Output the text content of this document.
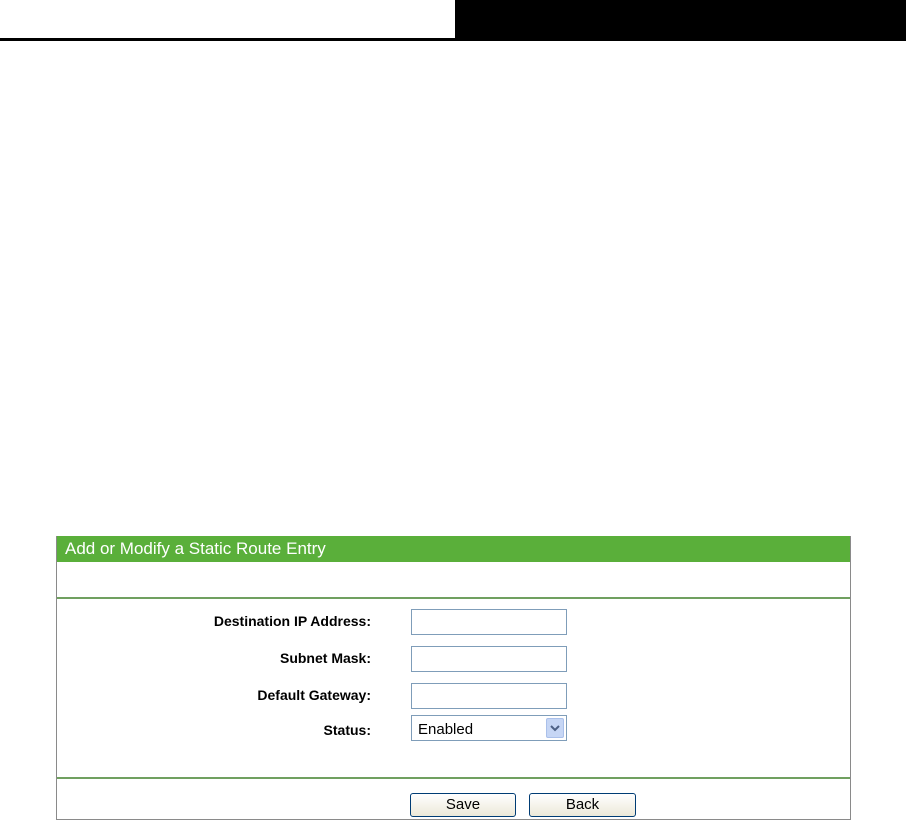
Add or Modify a Static Route Entry
Destination IP Address:
Subnet Mask:
Default Gateway:
Status:	Enabled
Save	Back
